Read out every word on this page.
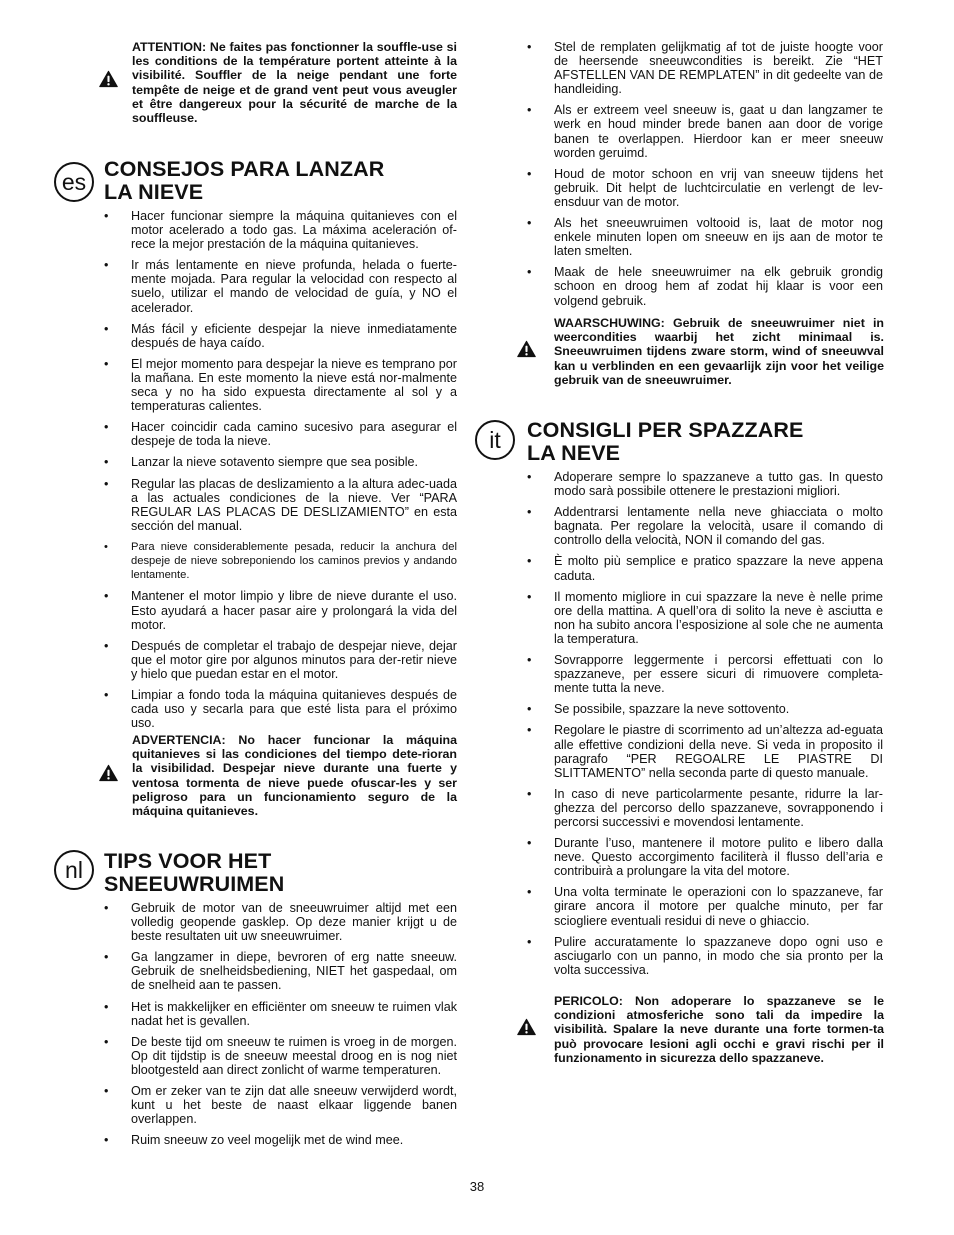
ATTENTION: Ne faites pas fonctionner la souffle-use si les conditions de la température portent atteinte à la visibilité. Souffler de la neige pendant une forte tempête de neige et de grand vent peut vous aveugler et être dangereux pour la sécurité de marche de la souffleuse.
es CONSEJOS PARA LANZAR
LA NIEVE
• Hacer funcionar siempre la máquina quitanieves con el motor acelerado a todo gas. La máxima aceleración of-rece la mejor prestación de la máquina quitanieves.
• Ir más lentamente en nieve profunda, helada o fuerte-mente mojada. Para regular la velocidad con respecto al suelo, utilizar el mando de velocidad de guía, y NO el acelerador.
• Más fácil y eficiente despejar la nieve inmediatamente después de haya caído.
• El mejor momento para despejar la nieve es temprano por la mañana. En este momento la nieve está nor-malmente seca y no ha sido expuesta directamente al sol y a temperaturas calientes.
• Hacer coincidir cada camino sucesivo para asegurar el despeje de toda la nieve.
• Lanzar la nieve sotavento siempre que sea posible.
• Regular las placas de deslizamiento a la altura adec-uada a las actuales condiciones de la nieve. Ver “PARA REGULAR LAS PLACAS DE DESLIZAMIENTO” en esta sección del manual.
• Para nieve considerablemente pesada, reducir la anchura del despeje de nieve sobreponiendo los caminos previos y andando lentamente.
• Mantener el motor limpio y libre de nieve durante el uso. Esto ayudará a hacer pasar aire y prolongará la vida del motor.
• Después de completar el trabajo de despejar nieve, dejar que el motor gire por algunos minutos para der-retir nieve y hielo que puedan estar en el motor.
• Limpiar a fondo toda la máquina quitanieves después de cada uso y secarla para que esté lista para el próximo uso.
ADVERTENCIA: No hacer funcionar la máquina quitanieves si las condiciones del tiempo dete-rioran la visibilidad. Despejar nieve durante una fuerte y ventosa tormenta de nieve puede ofuscar-les y ser peligroso para un funcionamiento seguro de la máquina quitanieves.
nl TIPS VOOR HET
SNEEUWRUIMEN
• Gebruik de motor van de sneeuwruimer altijd met een volledig geopende gasklep. Op deze manier krijgt u de beste resultaten uit uw sneeuwruimer.
• Ga langzamer in diepe, bevroren of erg natte sneeuw. Gebruik de snelheidsbediening, NIET het gaspedaal, om de snelheid aan te passen.
• Het is makkelijker en efficiënter om sneeuw te ruimen vlak nadat het is gevallen.
• De beste tijd om sneeuw te ruimen is vroeg in de morgen. Op dit tijdstip is de sneeuw meestal droog en is nog niet blootgesteld aan direct zonlicht of warme temperaturen.
• Om er zeker van te zijn dat alle sneeuw verwijderd wordt, kunt u het beste de naast elkaar liggende banen overlappen.
• Ruim sneeuw zo veel mogelijk met de wind mee.
• Stel de remplaten gelijkmatig af tot de juiste hoogte voor de heersende sneeuwcondities is bereikt. Zie “HET AFSTELLEN VAN DE REMPLATEN” in dit gedeelte van de handleiding.
• Als er extreem veel sneeuw is, gaat u dan langzamer te werk en houd minder brede banen aan door de vorige banen te overlappen. Hierdoor kan er meer sneeuw worden geruimd.
• Houd de motor schoon en vrij van sneeuw tijdens het gebruik. Dit helpt de luchtcirculatie en verlengt de lev-ensduur van de motor.
• Als het sneeuwruimen voltooid is, laat de motor nog enkele minuten lopen om sneeuw en ijs aan de motor te laten smelten.
• Maak de hele sneeuwruimer na elk gebruik grondig schoon en droog hem af zodat hij klaar is voor een volgend gebruik.
WAARSCHUWING: Gebruik de sneeuwruimer niet in weercondities waarbij het zicht minimaal is. Sneeuwruimen tijdens zware storm, wind of sneeuwval kan u verblinden en een gevaarlijk zijn voor het veilige gebruik van de sneeuwruimer.
it	CONSIGLI PER SPAZZARE
LA NEVE
• Adoperare sempre lo spazzaneve a tutto gas. In questo modo sarà possibile ottenere le prestazioni migliori.
• Addentrarsi lentamente nella neve ghiacciata o molto bagnata. Per regolare la velocità, usare il comando di controllo della velocità, NON il comando del gas.
• È molto più semplice e pratico spazzare la neve appena caduta.
• Il momento migliore in cui spazzare la neve è nelle prime ore della mattina. A quell’ora di solito la neve è asciutta e non ha subito ancora l’esposizione al sole che ne aumenta la temperatura.
• Sovrapporre leggermente i percorsi effettuati con lo spazzaneve, per essere sicuri di rimuovere completa-mente tutta la neve.
• Se possibile, spazzare la neve sottovento.
• Regolare le piastre di scorrimento ad un’altezza ad-eguata alle effettive condizioni della neve. Si veda in proposito il paragrafo “PER REGOALRE LE PIASTRE DI SLITTAMENTO” nella seconda parte di questo manuale.
• In caso di neve particolarmente pesante, ridurre la lar-ghezza del percorso dello spazzaneve, sovrapponendo i percorsi successivi e movendosi lentamente.
• Durante l’uso, mantenere il motore pulito e libero dalla neve. Questo accorgimento faciliterà il flusso dell’aria e contribuirà a prolungare la vita del motore.
• Una volta terminate le operazioni con lo spazzaneve, far girare ancora il motore per qualche minuto, per far sciogliere eventuali residui di neve o ghiaccio.
• Pulire accuratamente lo spazzaneve dopo ogni uso e asciugarlo con un panno, in modo che sia pronto per la volta successiva.
PERICOLO: Non adoperare lo spazzaneve se le condizioni atmosferiche sono tali da impedire la visibilità. Spalare la neve durante una forte tormen-ta può provocare lesioni agli occhi e gravi rischi per il funzionamento in sicurezza dello spazzaneve.
38
